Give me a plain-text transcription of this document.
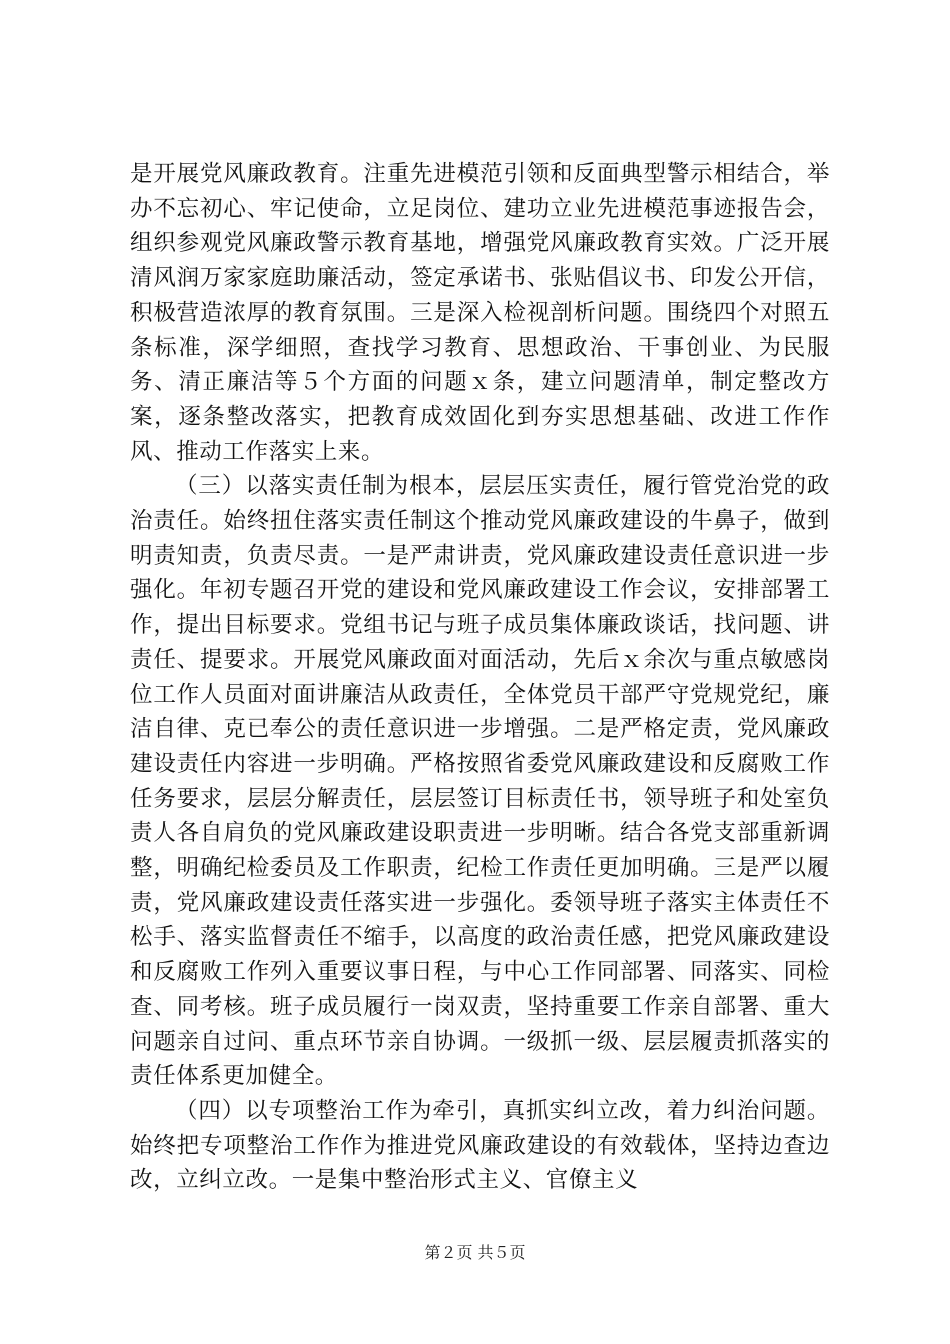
是开展党风廉政教育。注重先进模范引领和反面典型警示相结合，举办不忘初心、牢记使命，立足岗位、建功立业先进模范事迹报告会，组织参观党风廉政警示教育基地，增强党风廉政教育实效。广泛开展清风润万家家庭助廉活动，签定承诺书、张贴倡议书、印发公开信，积极营造浓厚的教育氛围。三是深入检视剖析问题。围绕四个对照五条标准，深学细照，查找学习教育、思想政治、干事创业、为民服务、清正廉洁等５个方面的问题ｘ条，建立问题清单，制定整改方案，逐条整改落实，把教育成效固化到夯实思想基础、改进工作作风、推动工作落实上来。

（三）以落实责任制为根本，层层压实责任，履行管党治党的政治责任。始终扭住落实责任制这个推动党风廉政建设的牛鼻子，做到明责知责，负责尽责。一是严肃讲责，党风廉政建设责任意识进一步强化。年初专题召开党的建设和党风廉政建设工作会议，安排部署工作，提出目标要求。党组书记与班子成员集体廉政谈话，找问题、讲责任、提要求。开展党风廉政面对面活动，先后ｘ余次与重点敏感岗位工作人员面对面讲廉洁从政责任，全体党员干部严守党规党纪，廉洁自律、克已奉公的责任意识进一步增强。二是严格定责，党风廉政建设责任内容进一步明确。严格按照省委党风廉政建设和反腐败工作任务要求，层层分解责任，层层签订目标责任书，领导班子和处室负责人各自肩负的党风廉政建设职责进一步明晰。结合各党支部重新调整，明确纪检委员及工作职责，纪检工作责任更加明确。三是严以履责，党风廉政建设责任落实进一步强化。委领导班子落实主体责任不松手、落实监督责任不缩手，以高度的政治责任感，把党风廉政建设和反腐败工作列入重要议事日程，与中心工作同部署、同落实、同检查、同考核。班子成员履行一岗双责，坚持重要工作亲自部署、重大问题亲自过问、重点环节亲自协调。一级抓一级、层层履责抓落实的责任体系更加健全。

（四）以专项整治工作为牵引，真抓实纠立改，着力纠治问题。始终把专项整治工作作为推进党风廉政建设的有效载体，坚持边查边改，立纠立改。一是集中整治形式主义、官僚主义

第２页 共５页
